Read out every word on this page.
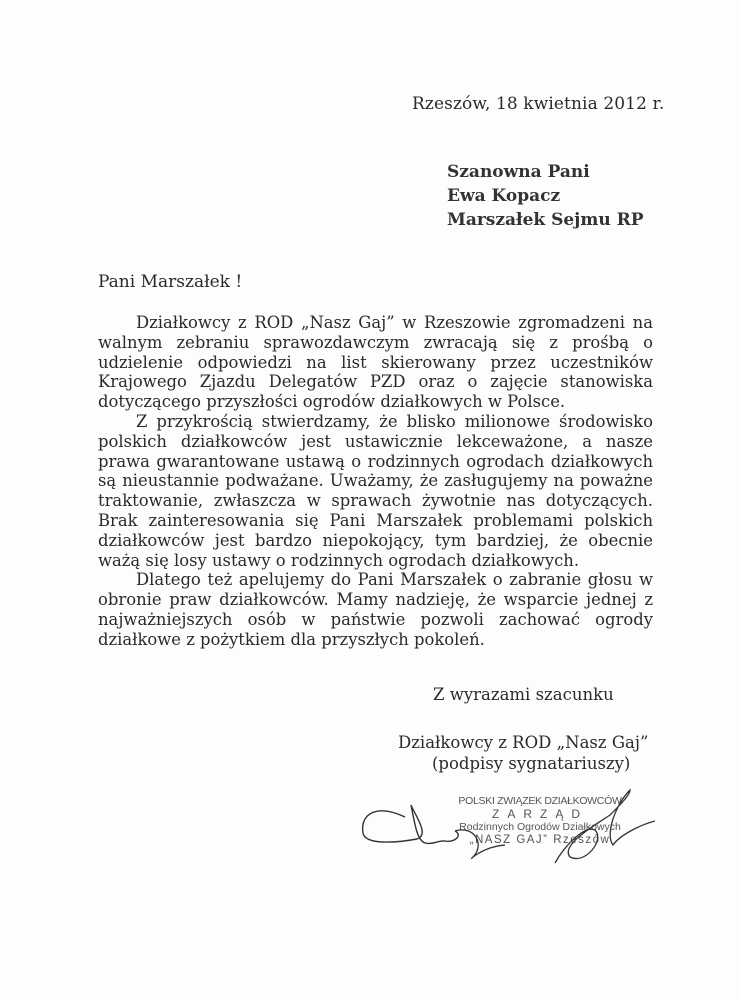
Rzeszów, 18 kwietnia 2012 r.
Szanowna Pani
Ewa Kopacz
Marszałek Sejmu RP
Pani Marszałek !

Działkowcy z ROD „Nasz Gaj” w Rzeszowie zgromadzeni na walnym zebraniu sprawozdawczym zwracają się z prośbą o udzielenie odpowiedzi na list skierowany przez uczestników Krajowego Zjazdu Delegatów PZD oraz o zajęcie stanowiska dotyczącego przyszłości ogrodów działkowych w Polsce.

Z przykrością stwierdzamy, że blisko milionowe środowisko polskich działkowców jest ustawicznie lekceważone, a nasze prawa gwarantowane ustawą o rodzinnych ogrodach działkowych są nieustannie podważane. Uważamy, że zasługujemy na poważne traktowanie, zwłaszcza w sprawach żywotnie nas dotyczących. Brak zainteresowania się Pani Marszałek problemami polskich działkowców jest bardzo niepokojący, tym bardziej, że obecnie ważą się losy ustawy o rodzinnych ogrodach działkowych.

Dlatego też apelujemy do Pani Marszałek o zabranie głosu w obronie praw działkowców. Mamy nadzieję, że wsparcie jednej z najważniejszych osób w państwie pozwoli zachować ogrody działkowe z pożytkiem dla przyszłych pokoleń.

Z wyrazami szacunku
Działkowcy z ROD „Nasz Gaj”
(podpisy sygnatariuszy)
POLSKI ZWIĄZEK DZIAŁKOWCÓW
ZARZĄD
Rodzinnych Ogrodów Działkowych
„NASZ GAJ” Rzeszów
